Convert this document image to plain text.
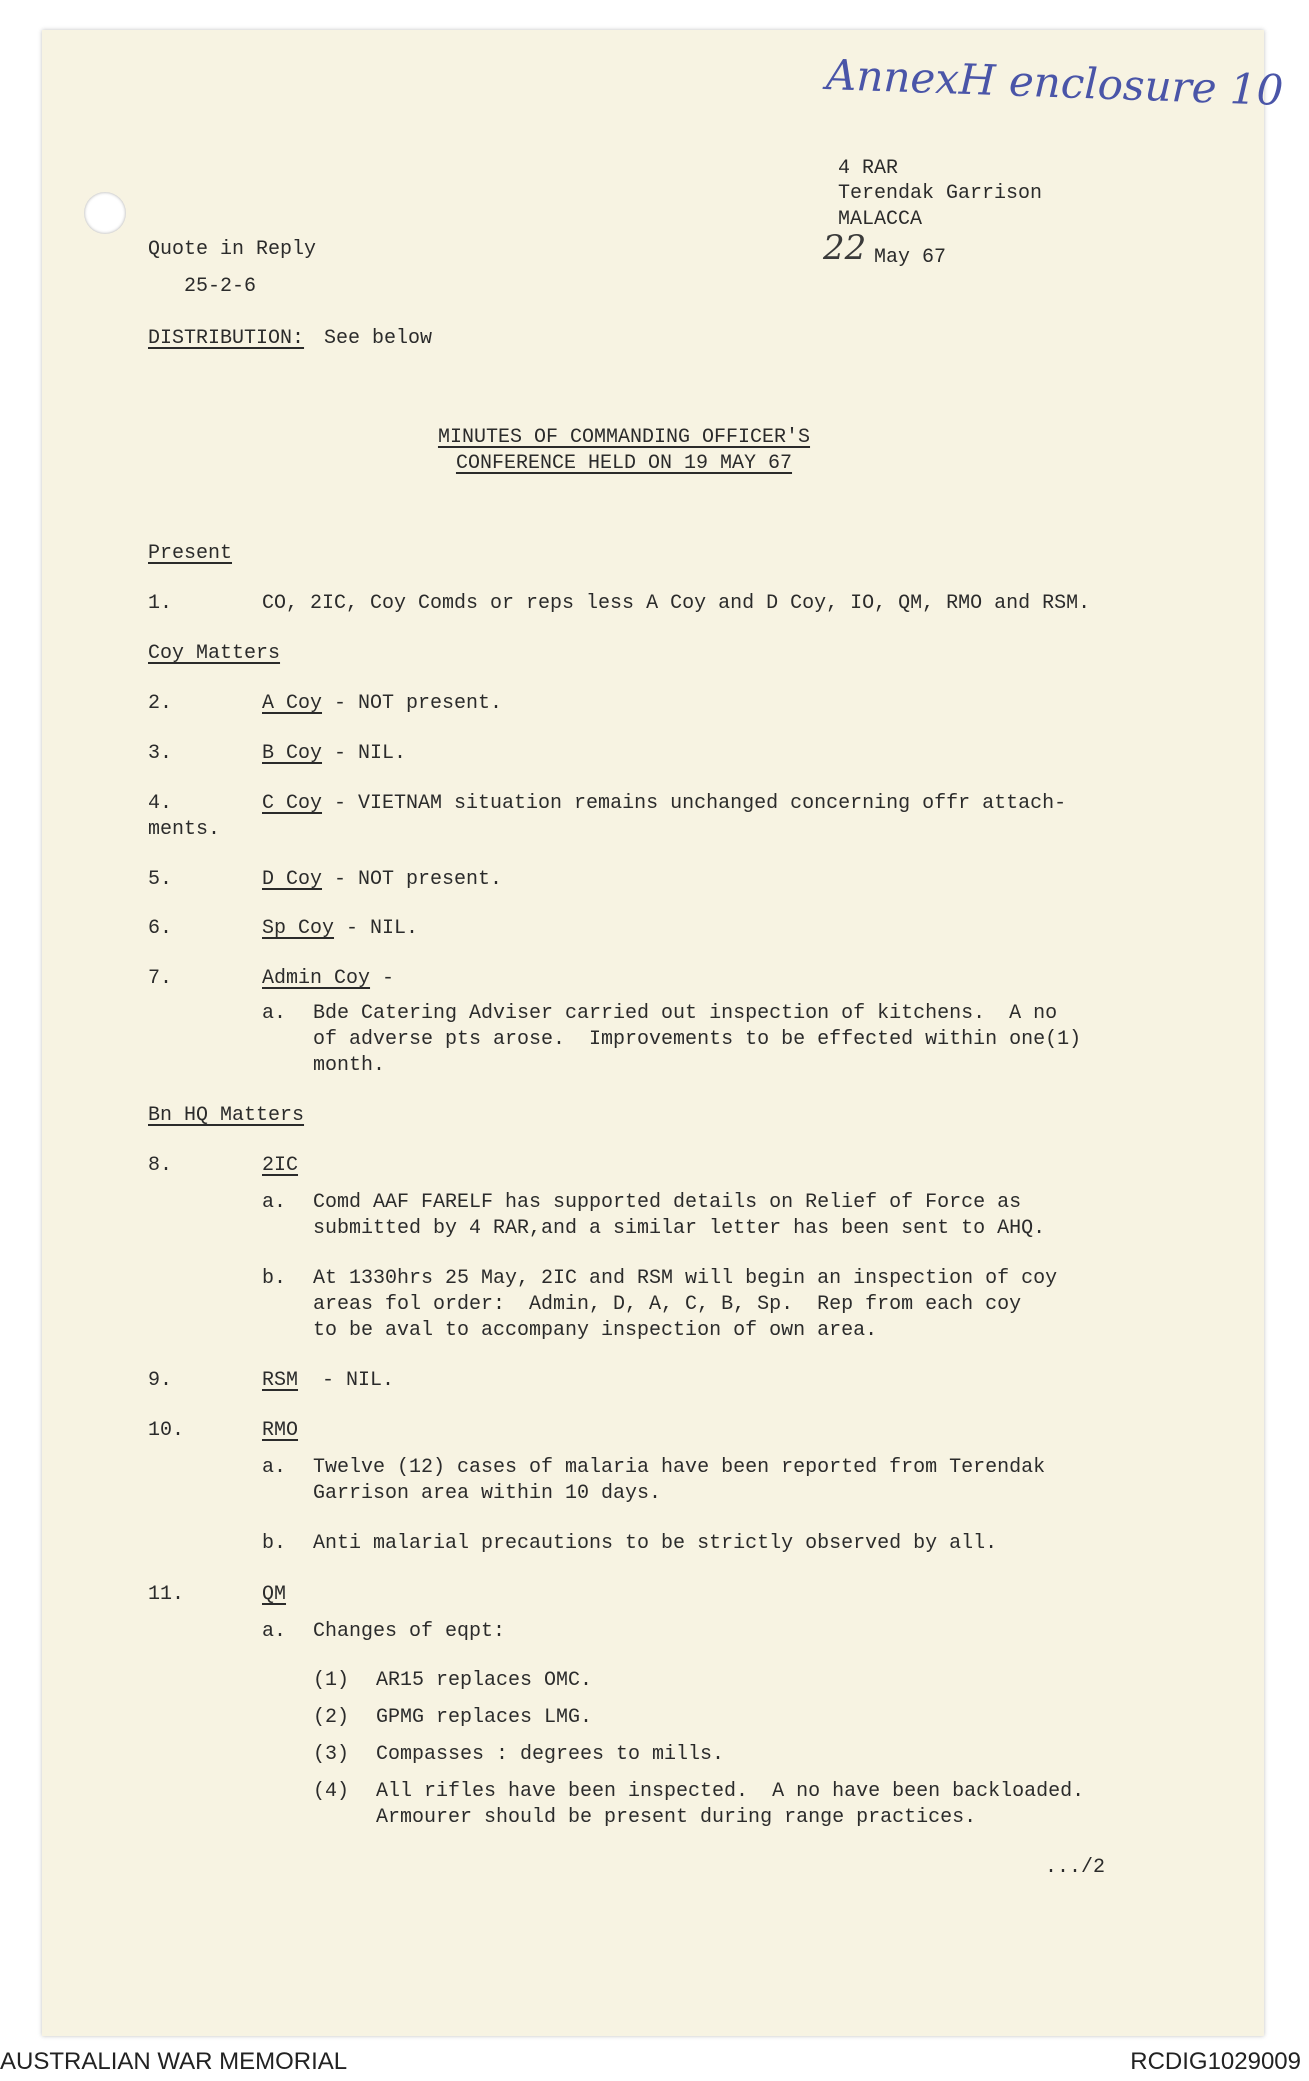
AnnexH enclosure 10
4 RAR
Terendak Garrison
MALACCA
22 May 67
Quote in Reply
25-2-6
DISTRIBUTION: See below
MINUTES OF COMMANDING OFFICER'S
CONFERENCE HELD ON 19 MAY 67
Present
1.	CO, 2IC, Coy Comds or reps less A Coy and D Coy, IO, QM, RMO and RSM.
Coy Matters
2.	A Coy - NOT present.
3.	B Coy - NIL.
4.	C Coy - VIETNAM situation remains unchanged concerning offr attach-
ments.
5.	D Coy - NOT present.
6.	Sp Coy - NIL.
7.	Admin Coy -
a. Bde Catering Adviser carried out inspection of kitchens.  A no
of adverse pts arose.  Improvements to be effected within one(1)
month.
Bn HQ Matters
8.	2IC
a. Comd AAF FARELF has supported details on Relief of Force as
submitted by 4 RAR,and a similar letter has been sent to AHQ.
b. At 1330hrs 25 May, 2IC and RSM will begin an inspection of coy
areas fol order:  Admin, D, A, C, B, Sp.  Rep from each coy
to be aval to accompany inspection of own area.
9.	RSM  - NIL.
10.	RMO
a. Twelve (12) cases of malaria have been reported from Terendak
Garrison area within 10 days.
b. Anti malarial precautions to be strictly observed by all.
11.	QM
a. Changes of eqpt:
(1) AR15 replaces OMC.
(2) GPMG replaces LMG.
(3) Compasses : degrees to mills.
(4) All rifles have been inspected.  A no have been backloaded.
Armourer should be present during range practices.
.../2
AUSTRALIAN WAR MEMORIAL	RCDIG1029009
